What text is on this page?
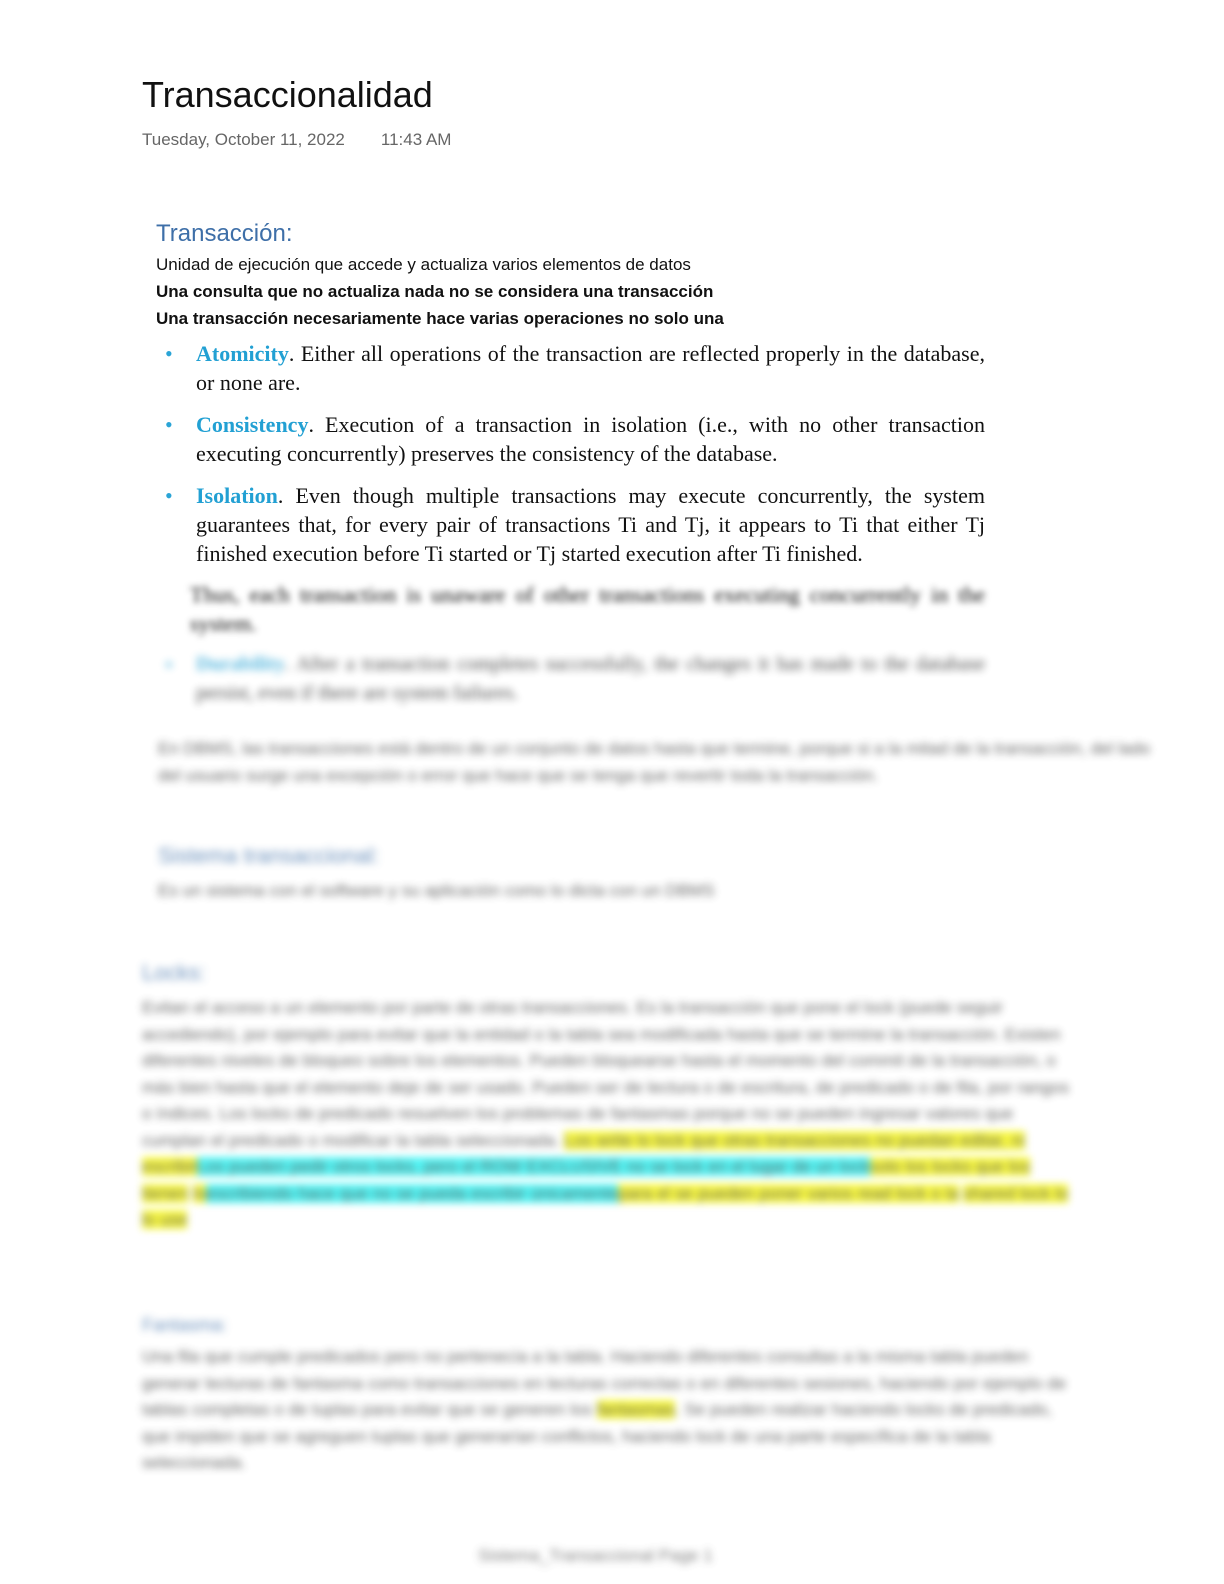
Transaccionalidad
Tuesday, October 11, 2022 11:43 AM
Transacción:
Unidad de ejecución que accede y actualiza varios elementos de datos
Una consulta que no actualiza nada no se considera una transacción
Una transacción necesariamente hace varias operaciones no solo una
• Atomicity. Either all operations of the transaction are reflected properly in the database, or none are.
• Consistency. Execution of a transaction in isolation (i.e., with no other transaction executing concurrently) preserves the consistency of the database.
• Isolation. Even though multiple transactions may execute concurrently, the system guarantees that, for every pair of transactions Ti and Tj, it appears to Ti that either Tj finished execution before Ti started or Tj started execution after Ti finished.
Thus, each transaction is unaware of other transactions executing concurrently in the system.
• Durability. After a transaction completes successfully, the changes it has made to the database persist, even if there are system failures.
En DBMS, las transacciones está dentro de un conjunto de datos hasta que termine, porque si a la mitad de la transacción, del lado del usuario surge una excepción o error que hace que se tenga que revertir toda la transacción.
Sistema transaccional:
Es un sistema con el software y su aplicación como lo dicta con un DBMS
Locks:
Evitan el acceso a un elemento por parte de otras transacciones. Es la transacción que pone el lock (puede seguir accediendo), por ejemplo para evitar que la entidad o la tabla sea modificada hasta que se termine la transacción. Existen diferentes niveles de bloqueo sobre los elementos. Pueden bloquearse hasta el momento del commit de la transacción, o más bien hasta que el elemento deje de ser usado. Pueden ser de lectura o de escritura, de predicado o de fila, por rangos o índices. Los locks de predicado resuelven los problemas de fantasmas porque no se pueden ingresar valores que cumplan el predicado o modificar la tabla seleccionada. Los write lo lock que otras transacciones no puedan editar, ni escribirLos pueden pedir otros locks, pero el ROW EXCLUSIVE no se lock en el lugar de un locksolo los locks que los tienen loescribiendo hace que no se pueda escribir únicamentepara el se pueden poner varios read lock o la shared lock lo lo use
Fantasma:
Una fila que cumple predicados pero no pertenecía a la tabla. Haciendo diferentes consultas a la misma tabla pueden generar lecturas de fantasma como transacciones en lecturas correctas o en diferentes sesiones, haciendo por ejemplo de tablas completas o de tuplas para evitar que se generen los fantasmas. Se pueden realizar haciendo locks de predicado, que impiden que se agreguen tuplas que generarían conflictos, haciendo lock de una parte específica de la tabla seleccionada.
Sistema_Transaccional Page 1
